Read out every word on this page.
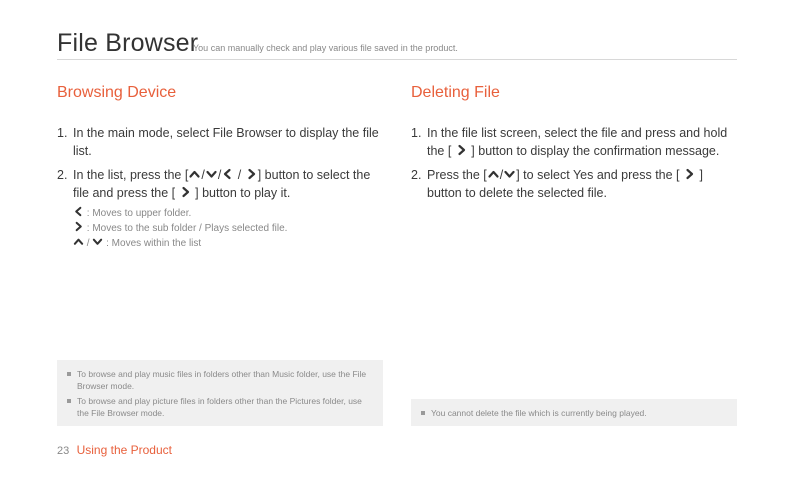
File Browser
You can manually check and play various file saved in the product.
Browsing Device
1. In the main mode, select File Browser to display the file list.
2. In the list, press the [ / /
/
] button to select the file and press the [ ] button to play it.
: Moves to upper folder.
: Moves to the sub folder / Plays selected file.
/
: Moves within the list
Deleting File
1. In the file list screen, select the file and press and hold the [ ] button to display the confirmation message.
2. Press the [ / ] to select Yes and press the [ ] button to delete the selected file.
To browse and play music files in folders other than Music folder, use the File Browser mode.
To browse and play picture files in folders other than the Pictures folder, use the File Browser mode.	You cannot delete the file which is currently being played.
23 Using the Product
